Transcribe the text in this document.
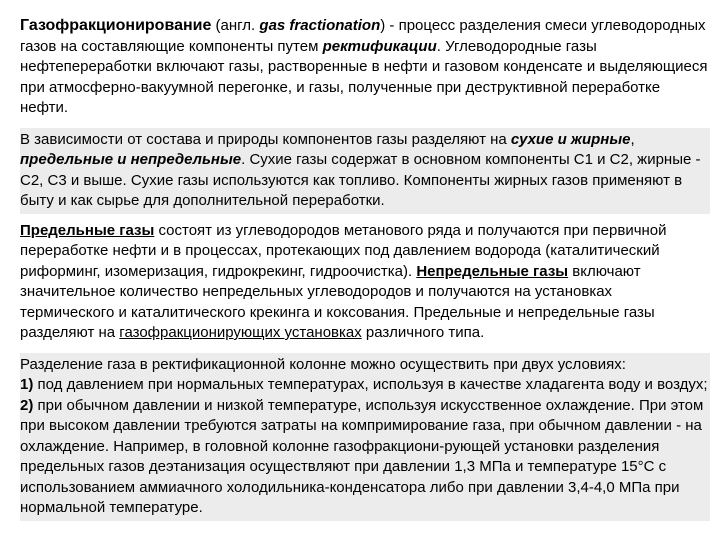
Газофракционирование (англ. gas fractionation) - процесс разделения смеси углеводородных газов на составляющие компоненты путем ректификации. Углеводородные газы нефтепереработки включают газы, растворенные в нефти и газовом конденсате и выделяющиеся при атмосферно-вакуумной перегонке, и газы, полученные при деструктивной переработке нефти.

В зависимости от состава и природы компонентов газы разделяют на сухие и жирные, предельные и непредельные. Сухие газы содержат в основном компоненты С1 и С2, жирные - С2, С3 и выше. Сухие газы используются как топливо. Компоненты жирных газов применяют в быту и как сырье для дополнительной переработки.

Предельные газы состоят из углеводородов метанового ряда и получаются при первичной переработке нефти и в процессах, протекающих под давлением водорода (каталитический риформинг, изомеризация, гидрокрекинг, гидроочистка). Непредельные газы включают значительное количество непредельных углеводородов и получаются на установках термического и каталитического крекинга и коксования. Предельные и непредельные газы разделяют на газофракционирующих установках различного типа.

Разделение газа в ректификационной колонне можно осуществить при двух условиях:
1) под давлением при нормальных температурах, используя в качестве хладагента воду и воздух;
2) при обычном давлении и низкой температуре, используя искусственное охлаждение. При этом при высоком давлении требуются затраты на компримирование газа, при обычном давлении - на охлаждение. Например, в головной колонне газофракциони-рующей установки разделения предельных газов деэтанизация осуществляют при давлении 1,3 МПа и температуре 15°С с использованием аммиачного холодильника-конденсатора либо при давлении 3,4-4,0 МПа при нормальной температуре.
